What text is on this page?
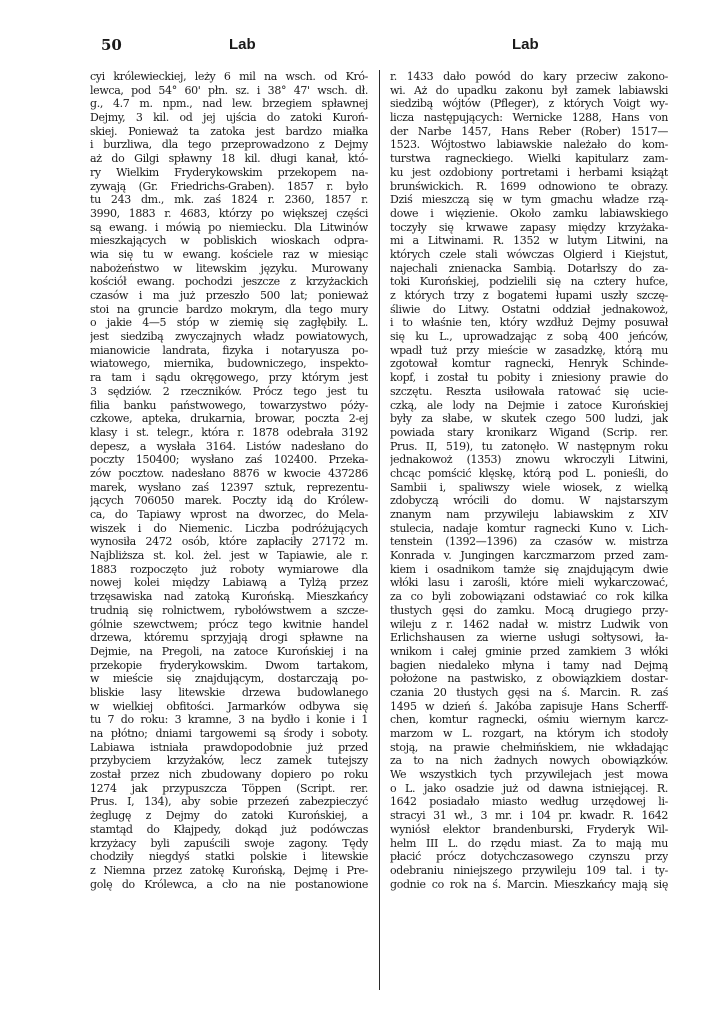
50	Lab	Lab
cyi królewieckiej, leży 6 mil na wsch. od Kró-
lewca, pod 54° 60' płn. sz. i 38° 47' wsch. dł.
g., 4.7 m. npm., nad lew. brzegiem spławnej
Dejmy, 3 kil. od jej ujścia do zatoki Kuroń-
skiej. Ponieważ ta zatoka jest bardzo miałka
i burzliwa, dla tego przeprowadzono z Dejmy
aż do Gilgi spławny 18 kil. długi kanał, któ-
ry Wielkim Fryderykowskim przekopem na-
zywają (Gr. Friedrichs-Graben). 1857 r. było
tu 243 dm., mk. zaś 1824 r. 2360, 1857 r.
3990, 1883 r. 4683, którzy po większej części
są ewang. i mówią po niemiecku. Dla Litwinów
mieszkających w pobliskich wioskach odpra-
wia się tu w ewang. kościele raz w miesiąc
nabożeństwo w litewskim języku. Murowany
kościół ewang. pochodzi jeszcze z krzyżackich
czasów i ma już przeszło 500 lat; ponieważ
stoi na gruncie bardzo mokrym, dla tego mury
o jakie 4—5 stóp w ziemię się zagłębiły. L.
jest siedzibą zwyczajnych władz powiatowych,
mianowicie landrata, fizyka i notaryusza po-
wiatowego, miernika, budowniczego, inspekto-
ra tam i sądu okręgowego, przy którym jest
3 sędziów. 2 rzeczników. Prócz tego jest tu
filia banku państwowego, towarzystwo póży-
czkowe, apteka, drukarnia, browar, poczta 2-ej
klasy i st. telegr., która r. 1878 odebrała 3192
depesz, a wysłała 3164. Listów nadesłano do
poczty 150400; wysłano zaś 102400. Przeka-
zów pocztow. nadesłano 8876 w kwocie 437286
marek, wysłano zaś 12397 sztuk, reprezentu-
jących 706050 marek. Poczty idą do Królew-
ca, do Tapiawy wprost na dworzec, do Mela-
wiszek i do Niemenic. Liczba podróżujących
wynosiła 2472 osób, które zapłaciły 27172 m.
Najbliższa st. kol. żel. jest w Tapiawie, ale r.
1883 rozpoczęto już roboty wymiarowe dla
nowej kolei między Labiawą a Tylżą przez
trzęsawiska nad zatoką Kurońską. Mieszkańcy
trudnią się rolnictwem, rybołówstwem a szcze-
gólnie szewctwem; prócz tego kwitnie handel
drzewa, któremu sprzyjają drogi spławne na
Dejmie, na Pregoli, na zatoce Kurońskiej i na
przekopie fryderykowskim. Dwom tartakom,
w mieście się znajdującym, dostarczają po-
bliskie lasy litewskie drzewa budowlanego
w wielkiej obfitości. Jarmarków odbywa się
tu 7 do roku: 3 kramne, 3 na bydło i konie i 1
na płótno; dniami targowemi są środy i soboty.
Labiawa istniała prawdopodobnie już przed
przybyciem krzyżaków, lecz zamek tutejszy
został przez nich zbudowany dopiero po roku
1274 jak przypuszcza Töppen (Script. rer.
Prus. I, 134), aby sobie przezeń zabezpieczyć
żeglugę z Dejmy do zatoki Kurońskiej, a
stamtąd do Kłajpedy, dokąd już podówczas
krzyżacy byli zapuścili swoje zagony. Tędy
chodziły niegdyś statki polskie i litewskie
z Niemna przez zatokę Kurońską, Dejmę i Pre-
golę do Królewca, a cło na nie postanowione
r. 1433 dało powód do kary przeciw zakono-
wi. Aż do upadku zakonu był zamek labiawski
siedzibą wójtów (Pfleger), z których Voigt wy-
licza następujących: Wernicke 1288, Hans von
der Narbe 1457, Hans Reber (Rober) 1517—
1523. Wójtostwo labiawskie należało do kom-
turstwa ragneckiego. Wielki kapitularz zam-
ku jest ozdobiony portretami i herbami książąt
brunświckich. R. 1699 odnowiono te obrazy.
Dziś mieszczą się w tym gmachu władze rzą-
dowe i więzienie. Około zamku labiawskiego
toczyły się krwawe zapasy między krzyżaka-
mi a Litwinami. R. 1352 w lutym Litwini, na
których czele stali wówczas Olgierd i Kiejstut,
najechali znienacka Sambią. Dotarłszy do za-
toki Kurońskiej, podzielili się na cztery hufce,
z których trzy z bogatemi łupami uszły szczę-
śliwie do Litwy. Ostatni oddział jednakowoż,
i to właśnie ten, który wzdłuż Dejmy posuwał
się ku L., uprowadzając z sobą 400 jeńców,
wpadł tuż przy mieście w zasadzkę, którą mu
zgotował komtur ragnecki, Henryk Schinde-
kopf, i został tu pobity i zniesiony prawie do
szczętu. Reszta usiłowała ratować się ucie-
czką, ale lody na Dejmie i zatoce Kurońskiej
były za słabe, w skutek czego 500 ludzi, jak
powiada stary kronikarz Wigand (Scrip. rer.
Prus. II, 519), tu zatonęło. W następnym roku
jednakowoż (1353) znowu wkroczyli Litwini,
chcąc pomścić klęskę, którą pod L. ponieśli, do
Sambii i, spaliwszy wiele wiosek, z wielką
zdobyczą wrócili do domu. W najstarszym
znanym nam przywileju labiawskim z XIV
stulecia, nadaje komtur ragnecki Kuno v. Lich-
tenstein (1392—1396) za czasów w. mistrza
Konrada v. Jungingen karczmarzom przed zam-
kiem i osadnikom tamże się znajdującym dwie
włóki lasu i zarośli, które mieli wykarczować,
za co byli zobowiązani odstawiać co rok kilka
tłustych gęsi do zamku. Mocą drugiego przy-
wileju z r. 1462 nadał w. mistrz Ludwik von
Erlichshausen za wierne usługi sołtysowi, ła-
wnikom i całej gminie przed zamkiem 3 włóki
bagien niedaleko młyna i tamy nad Dejmą
położone na pastwisko, z obowiązkiem dostar-
czania 20 tłustych gęsi na ś. Marcin. R. zaś
1495 w dzień ś. Jakóba zapisuje Hans Scherff-
chen, komtur ragnecki, ośmiu wiernym karcz-
marzom w L. rozgart, na którym ich stodoły
stoją, na prawie chełmińskiem, nie wkładając
za to na nich żadnych nowych obowiązków.
We wszystkich tych przywilejach jest mowa
o L. jako osadzie już od dawna istniejącej. R.
1642 posiadało miasto według urzędowej li-
stracyi 31 wł., 3 mr. i 104 pr. kwadr. R. 1642
wyniósł elektor brandenburski, Fryderyk Wil-
helm III L. do rzędu miast. Za to mają mu
płacić prócz dotychczasowego czynszu przy
odebraniu niniejszego przywileju 109 tal. i ty-
godnie co rok na ś. Marcin. Mieszkańcy mają się
